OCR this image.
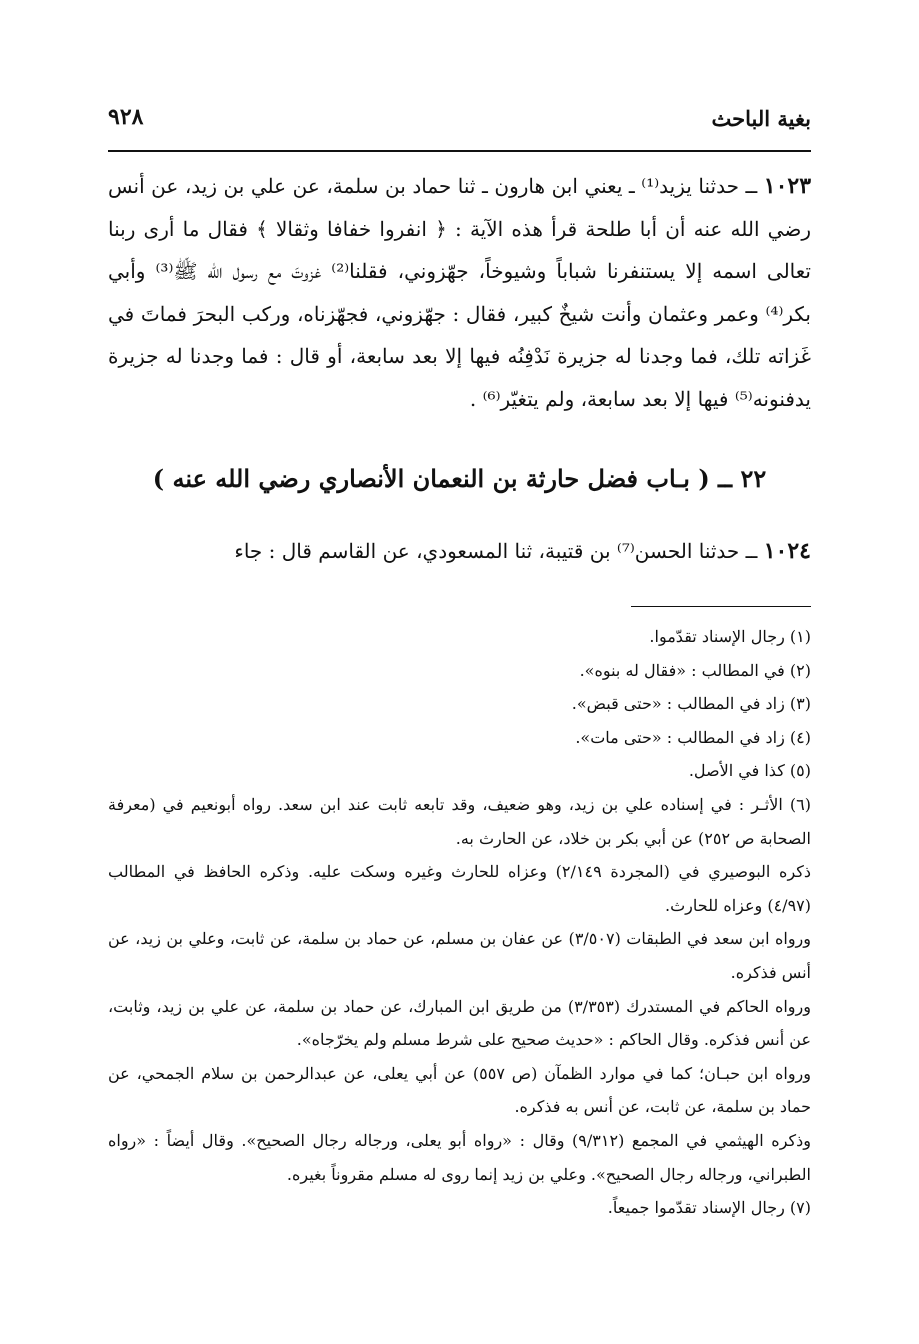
بغية الباحث
٩٢٨

١٠٢٣ ــ حدثنا يزيد⁽¹⁾ ـ يعني ابن هارون ـ ثنا حماد بن سلمة، عن علي بن زيد، عن أنس رضي الله عنه أن أبا طلحة قرأ هذه الآية : ﴿ انفروا خفافا وثقالا ﴾ فقال ما أرى ربنا تعالى اسمه إلا يستنفرنا شباباً وشيوخاً، جهّزوني، فقلنا⁽²⁾ غزوتَ مع رسول الله ﷺ⁽³⁾ وأبي بكر⁽⁴⁾ وعمر وعثمان وأنت شيخٌ كبير، فقال : جهّزوني، فجهّزناه، وركب البحرَ فماتَ في غَزاته تلك، فما وجدنا له جزيرة نَدْفِنُه فيها إلا بعد سابعة، أو قال : فما وجدنا له جزيرة يدفنونه⁽⁵⁾ فيها إلا بعد سابعة، ولم يتغيّر⁽⁶⁾ .

٢٢ ــ ( بـاب فضل حارثة بن النعمان الأنصاري رضي الله عنه )

١٠٢٤ ــ حدثنا الحسن⁽⁷⁾ بن قتيبة، ثنا المسعودي، عن القاسم قال : جاء

(١) رجال الإسناد تقدّموا.

(٢) في المطالب : «فقال له بنوه».

(٣) زاد في المطالب : «حتى قبض».

(٤) زاد في المطالب : «حتى مات».

(٥) كذا في الأصل.

(٦) الأثـر : في إسناده علي بن زيد، وهو ضعيف، وقد تابعه ثابت عند ابن سعد. رواه أبونعيم في (معرفة الصحابة ص ٢٥٢) عن أبي بكر بن خلاد، عن الحارث به.

ذكره البوصيري في (المجردة ٢/١٤٩) وعزاه للحارث وغيره وسكت عليه. وذكره الحافظ في المطالب (٤/٩٧) وعزاه للحارث.

ورواه ابن سعد في الطبقات (٣/٥٠٧) عن عفان بن مسلم، عن حماد بن سلمة، عن ثابت، وعلي بن زيد، عن أنس فذكره.

ورواه الحاكم في المستدرك (٣/٣٥٣) من طريق ابن المبارك، عن حماد بن سلمة، عن علي بن زيد، وثابت، عن أنس فذكره. وقال الحاكم : «حديث صحيح على شرط مسلم ولم يخرّجاه».

ورواه ابن حبـان؛ كما في موارد الظمآن (ص ٥٥٧) عن أبي يعلى، عن عبدالرحمن بن سلام الجمحي، عن حماد بن سلمة، عن ثابت، عن أنس به فذكره.

وذكره الهيثمي في المجمع (٩/٣١٢) وقال : «رواه أبو يعلى، ورجاله رجال الصحيح». وقال أيضاً : «رواه الطبراني، ورجاله رجال الصحيح». وعلي بن زيد إنما روى له مسلم مقروناً بغيره.

(٧) رجال الإسناد تقدّموا جميعاً.
